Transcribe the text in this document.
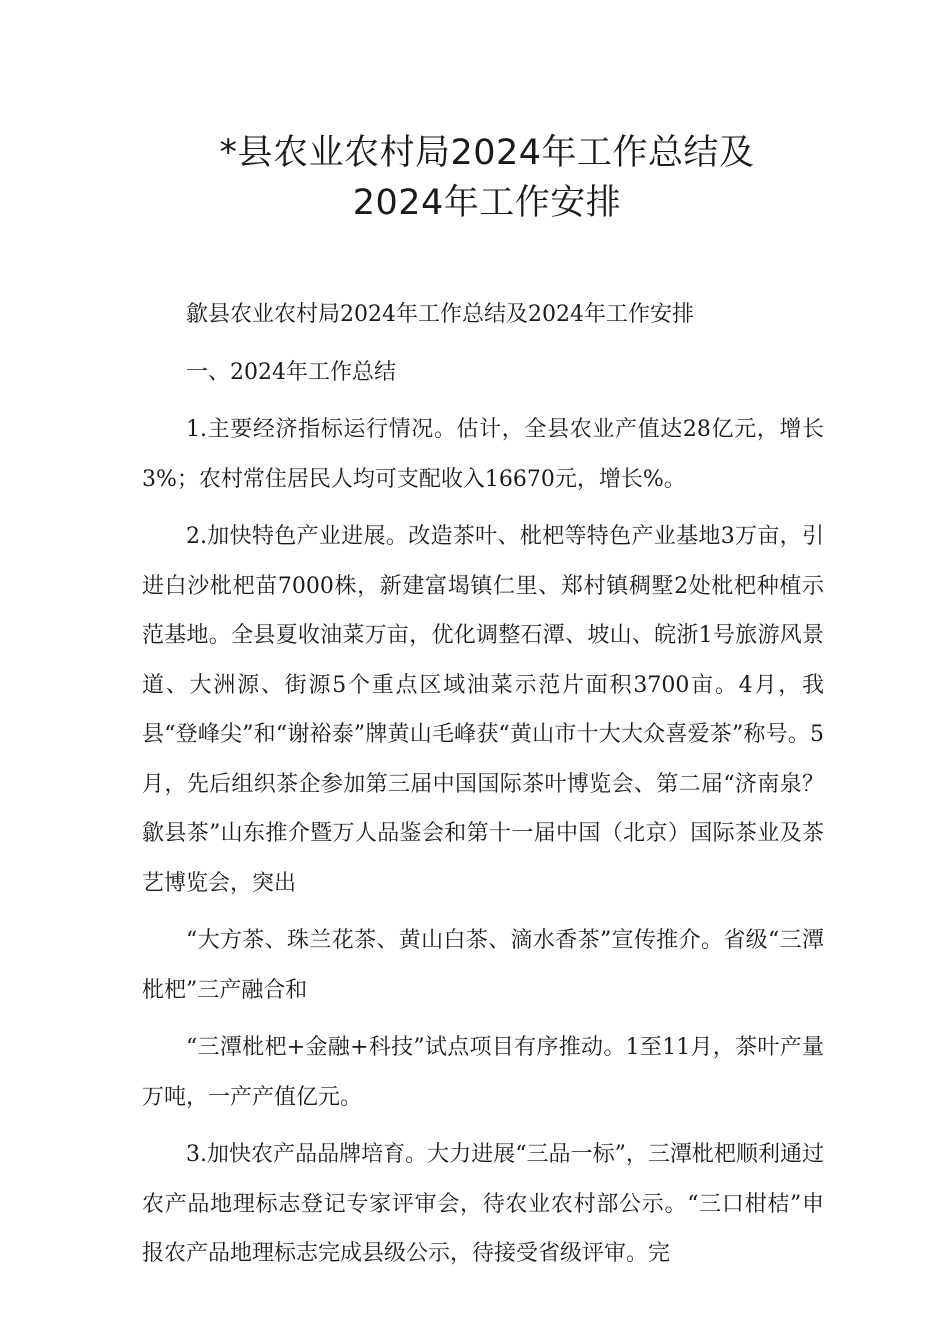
*县农业农村局2024年工作总结及
2024年工作安排

歙县农业农村局2024年工作总结及2024年工作安排

一、2024年工作总结

1.主要经济指标运行情况。估计，全县农业产值达28亿元，增长3%；农村常住居民人均可支配收入16670元，增长%。

2.加快特色产业进展。改造茶叶、枇杷等特色产业基地3万亩，引进白沙枇杷苗7000株，新建富堨镇仁里、郑村镇稠墅2处枇杷种植示范基地。全县夏收油菜万亩，优化调整石潭、坡山、皖浙1号旅游风景道、大洲源、街源5个重点区域油菜示范片面积3700亩。4月，我县“登峰尖”和“谢裕泰”牌黄山毛峰获“黄山市十大大众喜爱茶”称号。5月，先后组织茶企参加第三届中国国际茶叶博览会、第二届“济南泉？歙县茶”山东推介暨万人品鉴会和第十一届中国（北京）国际茶业及茶艺博览会，突出

“大方茶、珠兰花茶、黄山白茶、滴水香茶”宣传推介。省级“三潭枇杷”三产融合和

“三潭枇杷+金融+科技”试点项目有序推动。1至11月，茶叶产量万吨，一产产值亿元。

3.加快农产品品牌培育。大力进展“三品一标”，三潭枇杷顺利通过农产品地理标志登记专家评审会，待农业农村部公示。“三口柑桔”申报农产品地理标志完成县级公示，待接受省级评审。完
